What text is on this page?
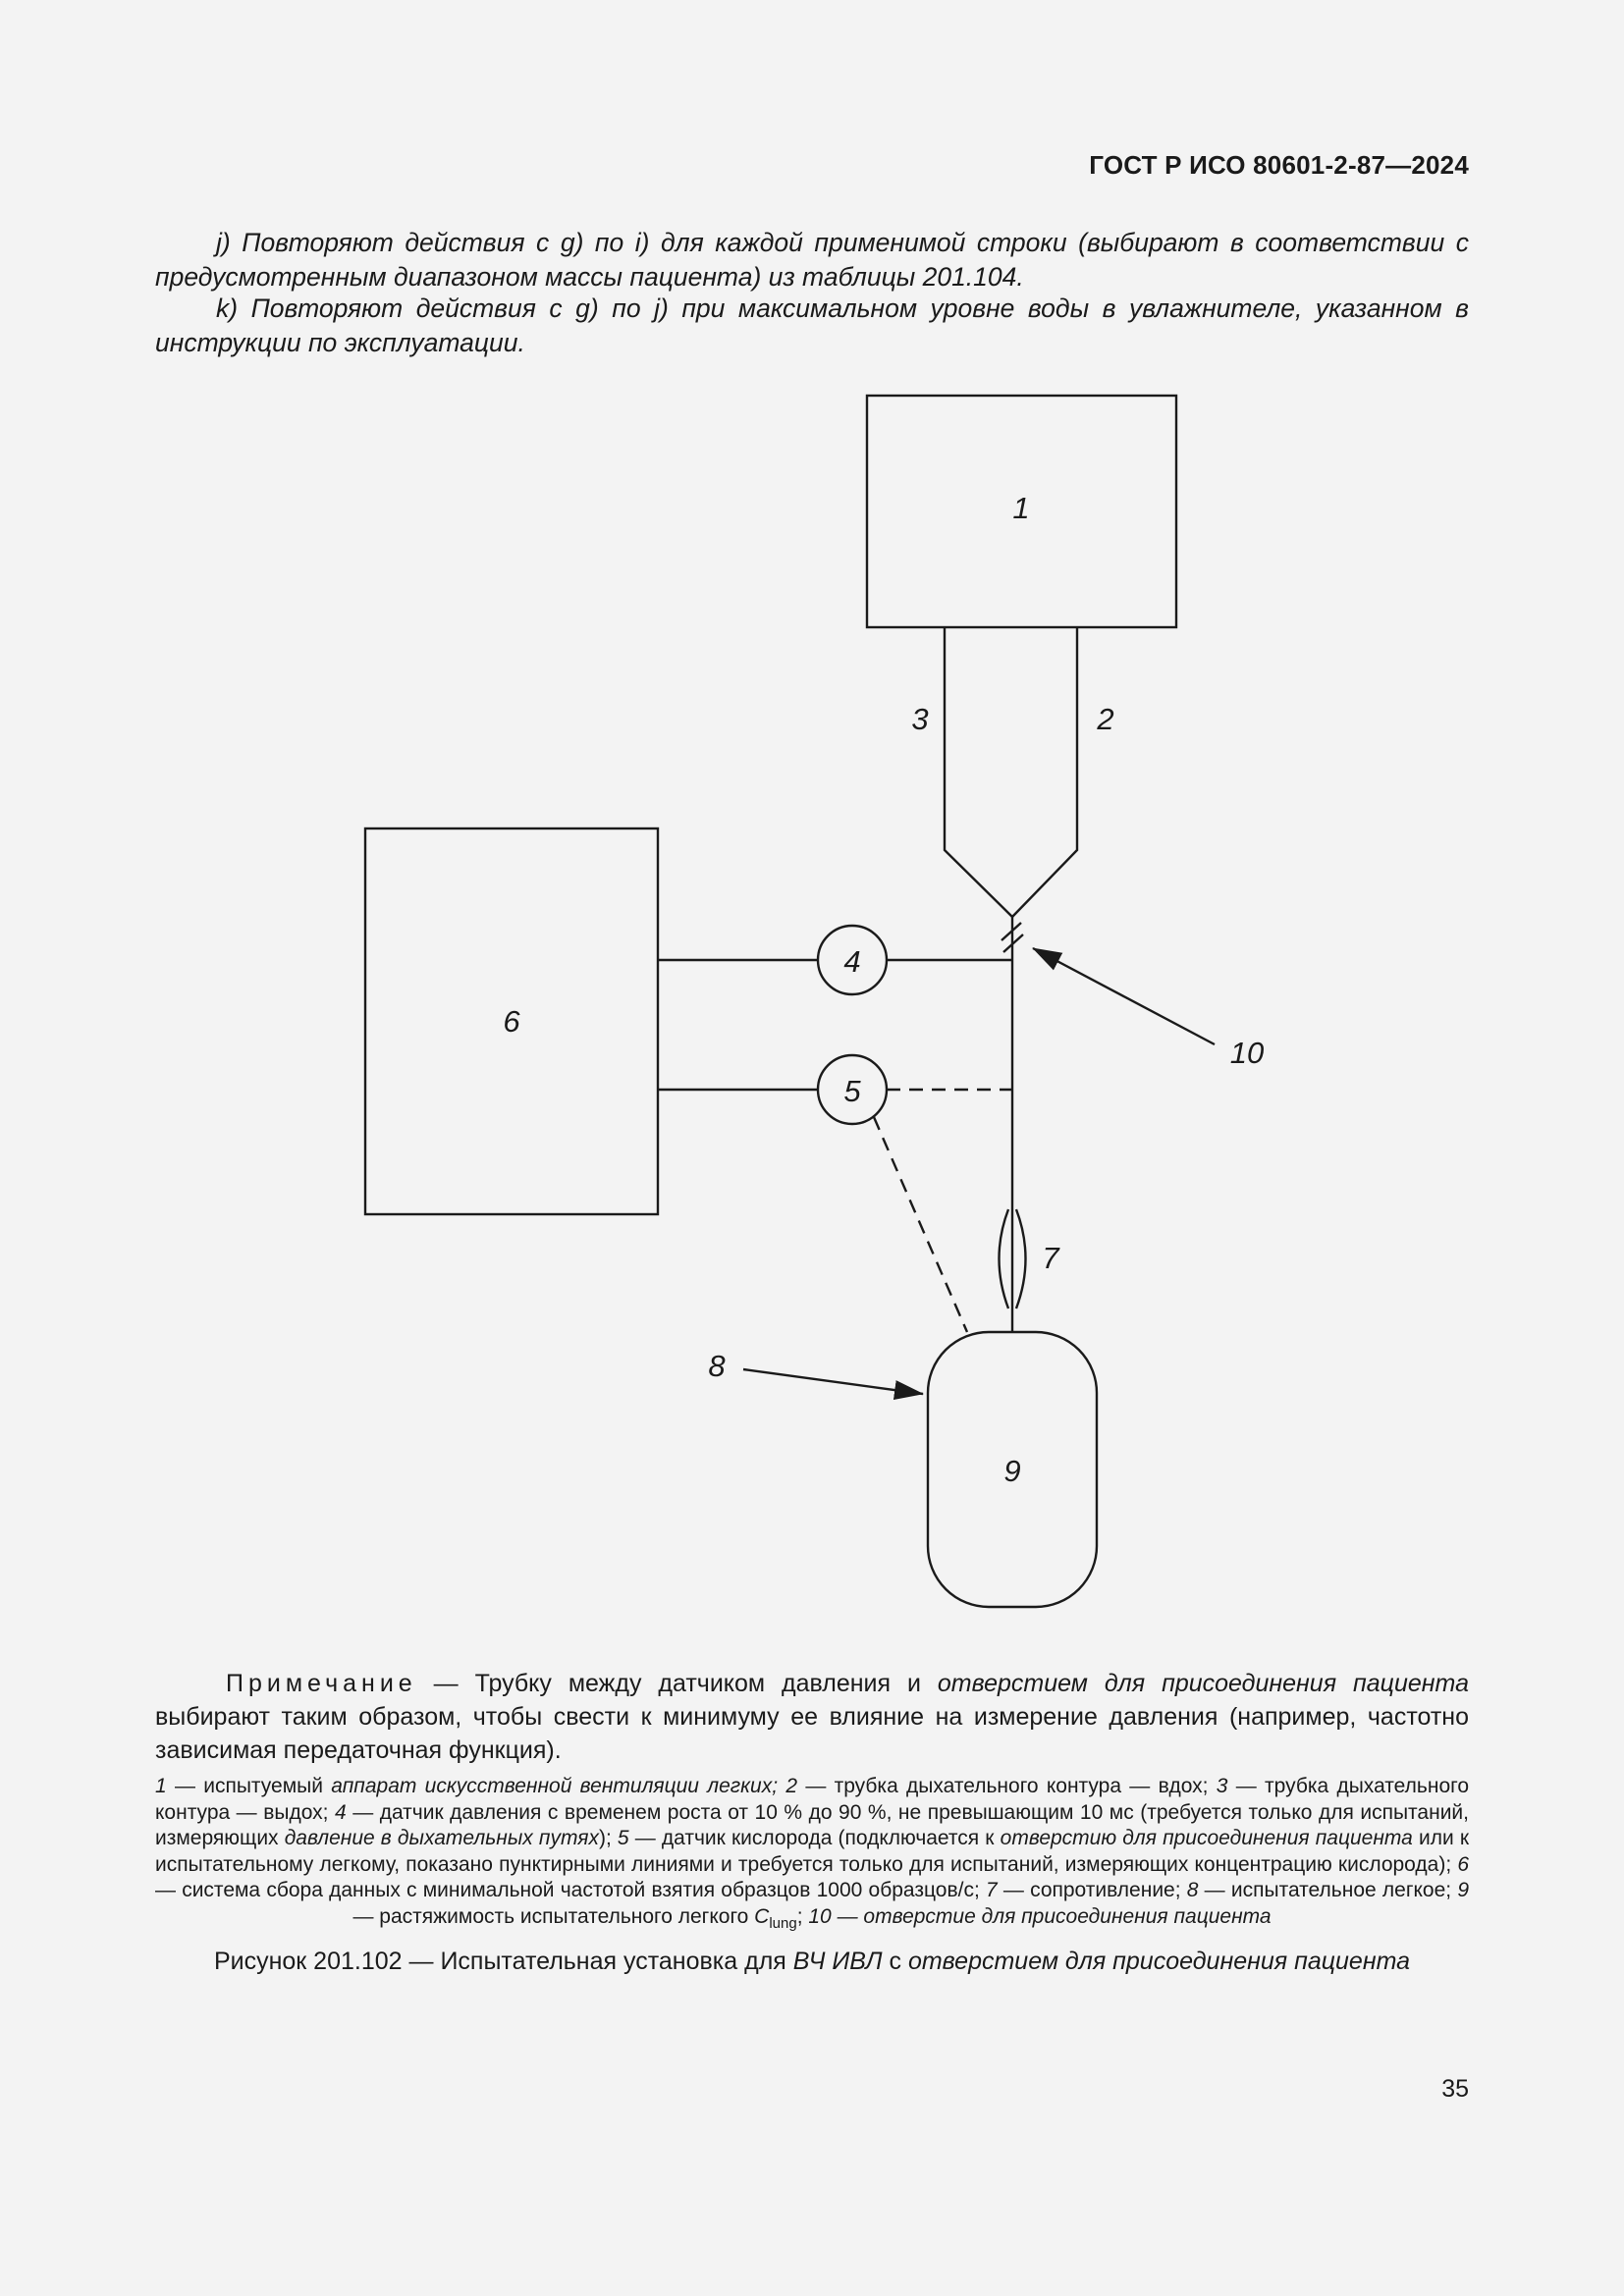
ГОСТ Р ИСО 80601-2-87—2024

j) Повторяют действия с g) по i) для каждой применимой строки (выбирают в соответствии с предусмотренным диапазоном массы пациента) из таблицы 201.104.

k) Повторяют действия с g) по j) при максимальном уровне воды в увлажнителе, указанном в инструкции по эксплуатации.

1
2
3
4
5
6
7
8
9
10

Примечание — Трубку между датчиком давления и отверстием для присоединения пациента выбирают таким образом, чтобы свести к минимуму ее влияние на измерение давления (например, частотно зависимая передаточная функция).

1 — испытуемый аппарат искусственной вентиляции легких; 2 — трубка дыхательного контура — вдох; 3 — трубка дыхательного контура — выдох; 4 — датчик давления с временем роста от 10 % до 90 %, не превышающим 10 мс (требуется только для испытаний, измеряющих давление в дыхательных путях); 5 — датчик кислорода (подключается к отверстию для присоединения пациента или к испытательному легкому, показано пунктирными линиями и требуется только для испытаний, измеряющих концентрацию кислорода); 6 — система сбора данных с минимальной частотой взятия образцов 1000 образцов/с; 7 — сопротивление; 8 — испытательное легкое; 9 — растяжимость испытательного легкого $C_{lung}$; 10 — отверстие для присоединения пациента

Рисунок 201.102 — Испытательная установка для ВЧ ИВЛ с отверстием для присоединения пациента
35
